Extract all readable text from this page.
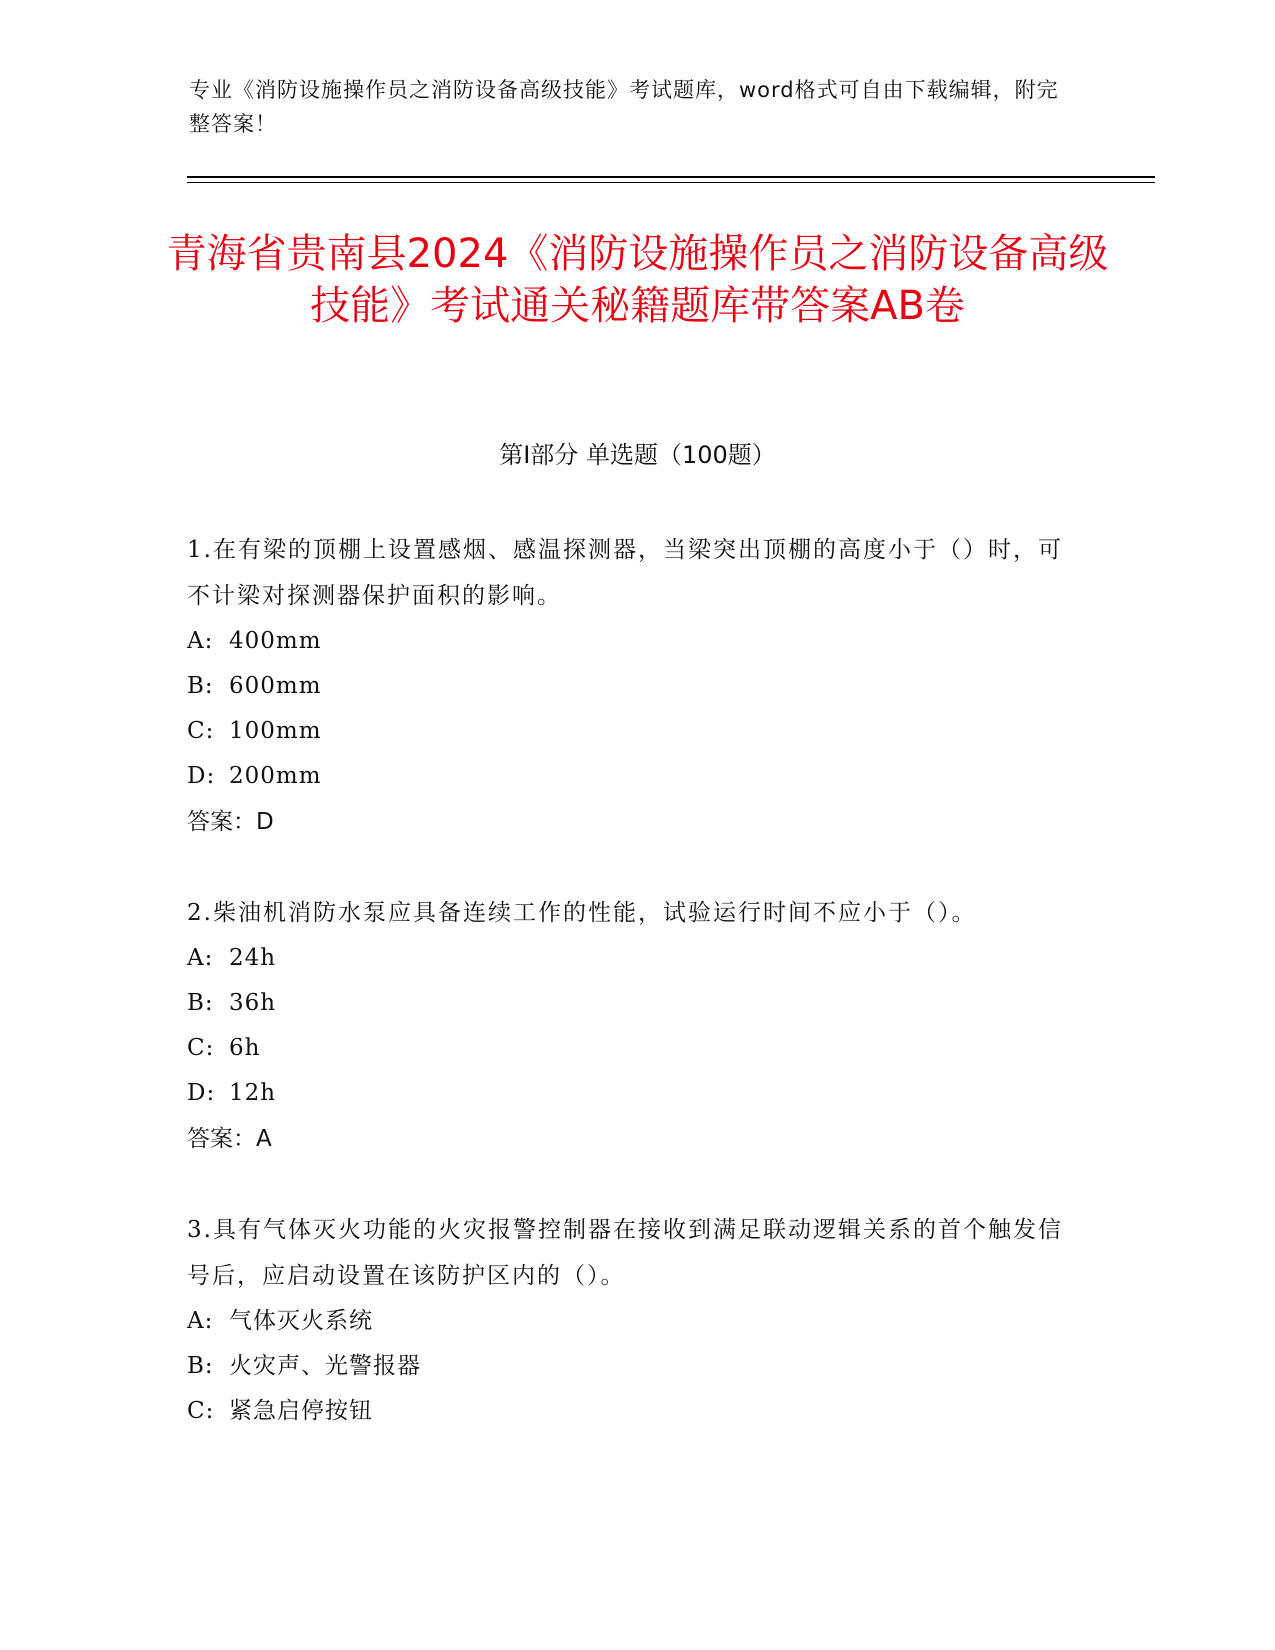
专业《消防设施操作员之消防设备高级技能》考试题库，word格式可自由下载编辑，附完整答案！
青海省贵南县2024《消防设施操作员之消防设备高级技能》考试通关秘籍题库带答案AB卷
第I部分 单选题（100题）
1.在有梁的顶棚上设置感烟、感温探测器，当梁突出顶棚的高度小于（）时，可不计梁对探测器保护面积的影响。
A: 400mm
B: 600mm
C: 100mm
D: 200mm
答案：D
2.柴油机消防水泵应具备连续工作的性能，试验运行时间不应小于（）。
A: 24h
B: 36h
C: 6h
D: 12h
答案：A
3.具有气体灭火功能的火灾报警控制器在接收到满足联动逻辑关系的首个触发信号后，应启动设置在该防护区内的（）。
A: 气体灭火系统
B: 火灾声、光警报器
C: 紧急启停按钮
